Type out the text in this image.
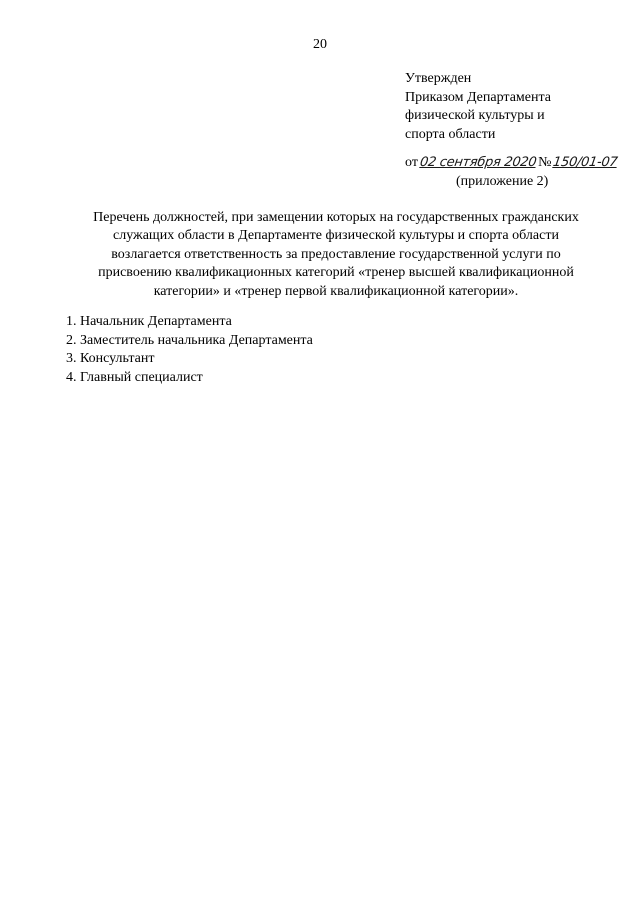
20
Утвержден
Приказом Департамента
физической культуры и
спорта области
от 02 сентября 2020 № 150/01-07
(приложение 2)
Перечень должностей, при замещении которых на государственных гражданских
служащих области в Департаменте физической культуры и спорта области
возлагается ответственность за предоставление государственной услуги по
присвоению квалификационных категорий «тренер высшей квалификационной
категории» и «тренер первой квалификационной категории».
1. Начальник Департамента
2. Заместитель начальника Департамента
3. Консультант
4. Главный специалист
